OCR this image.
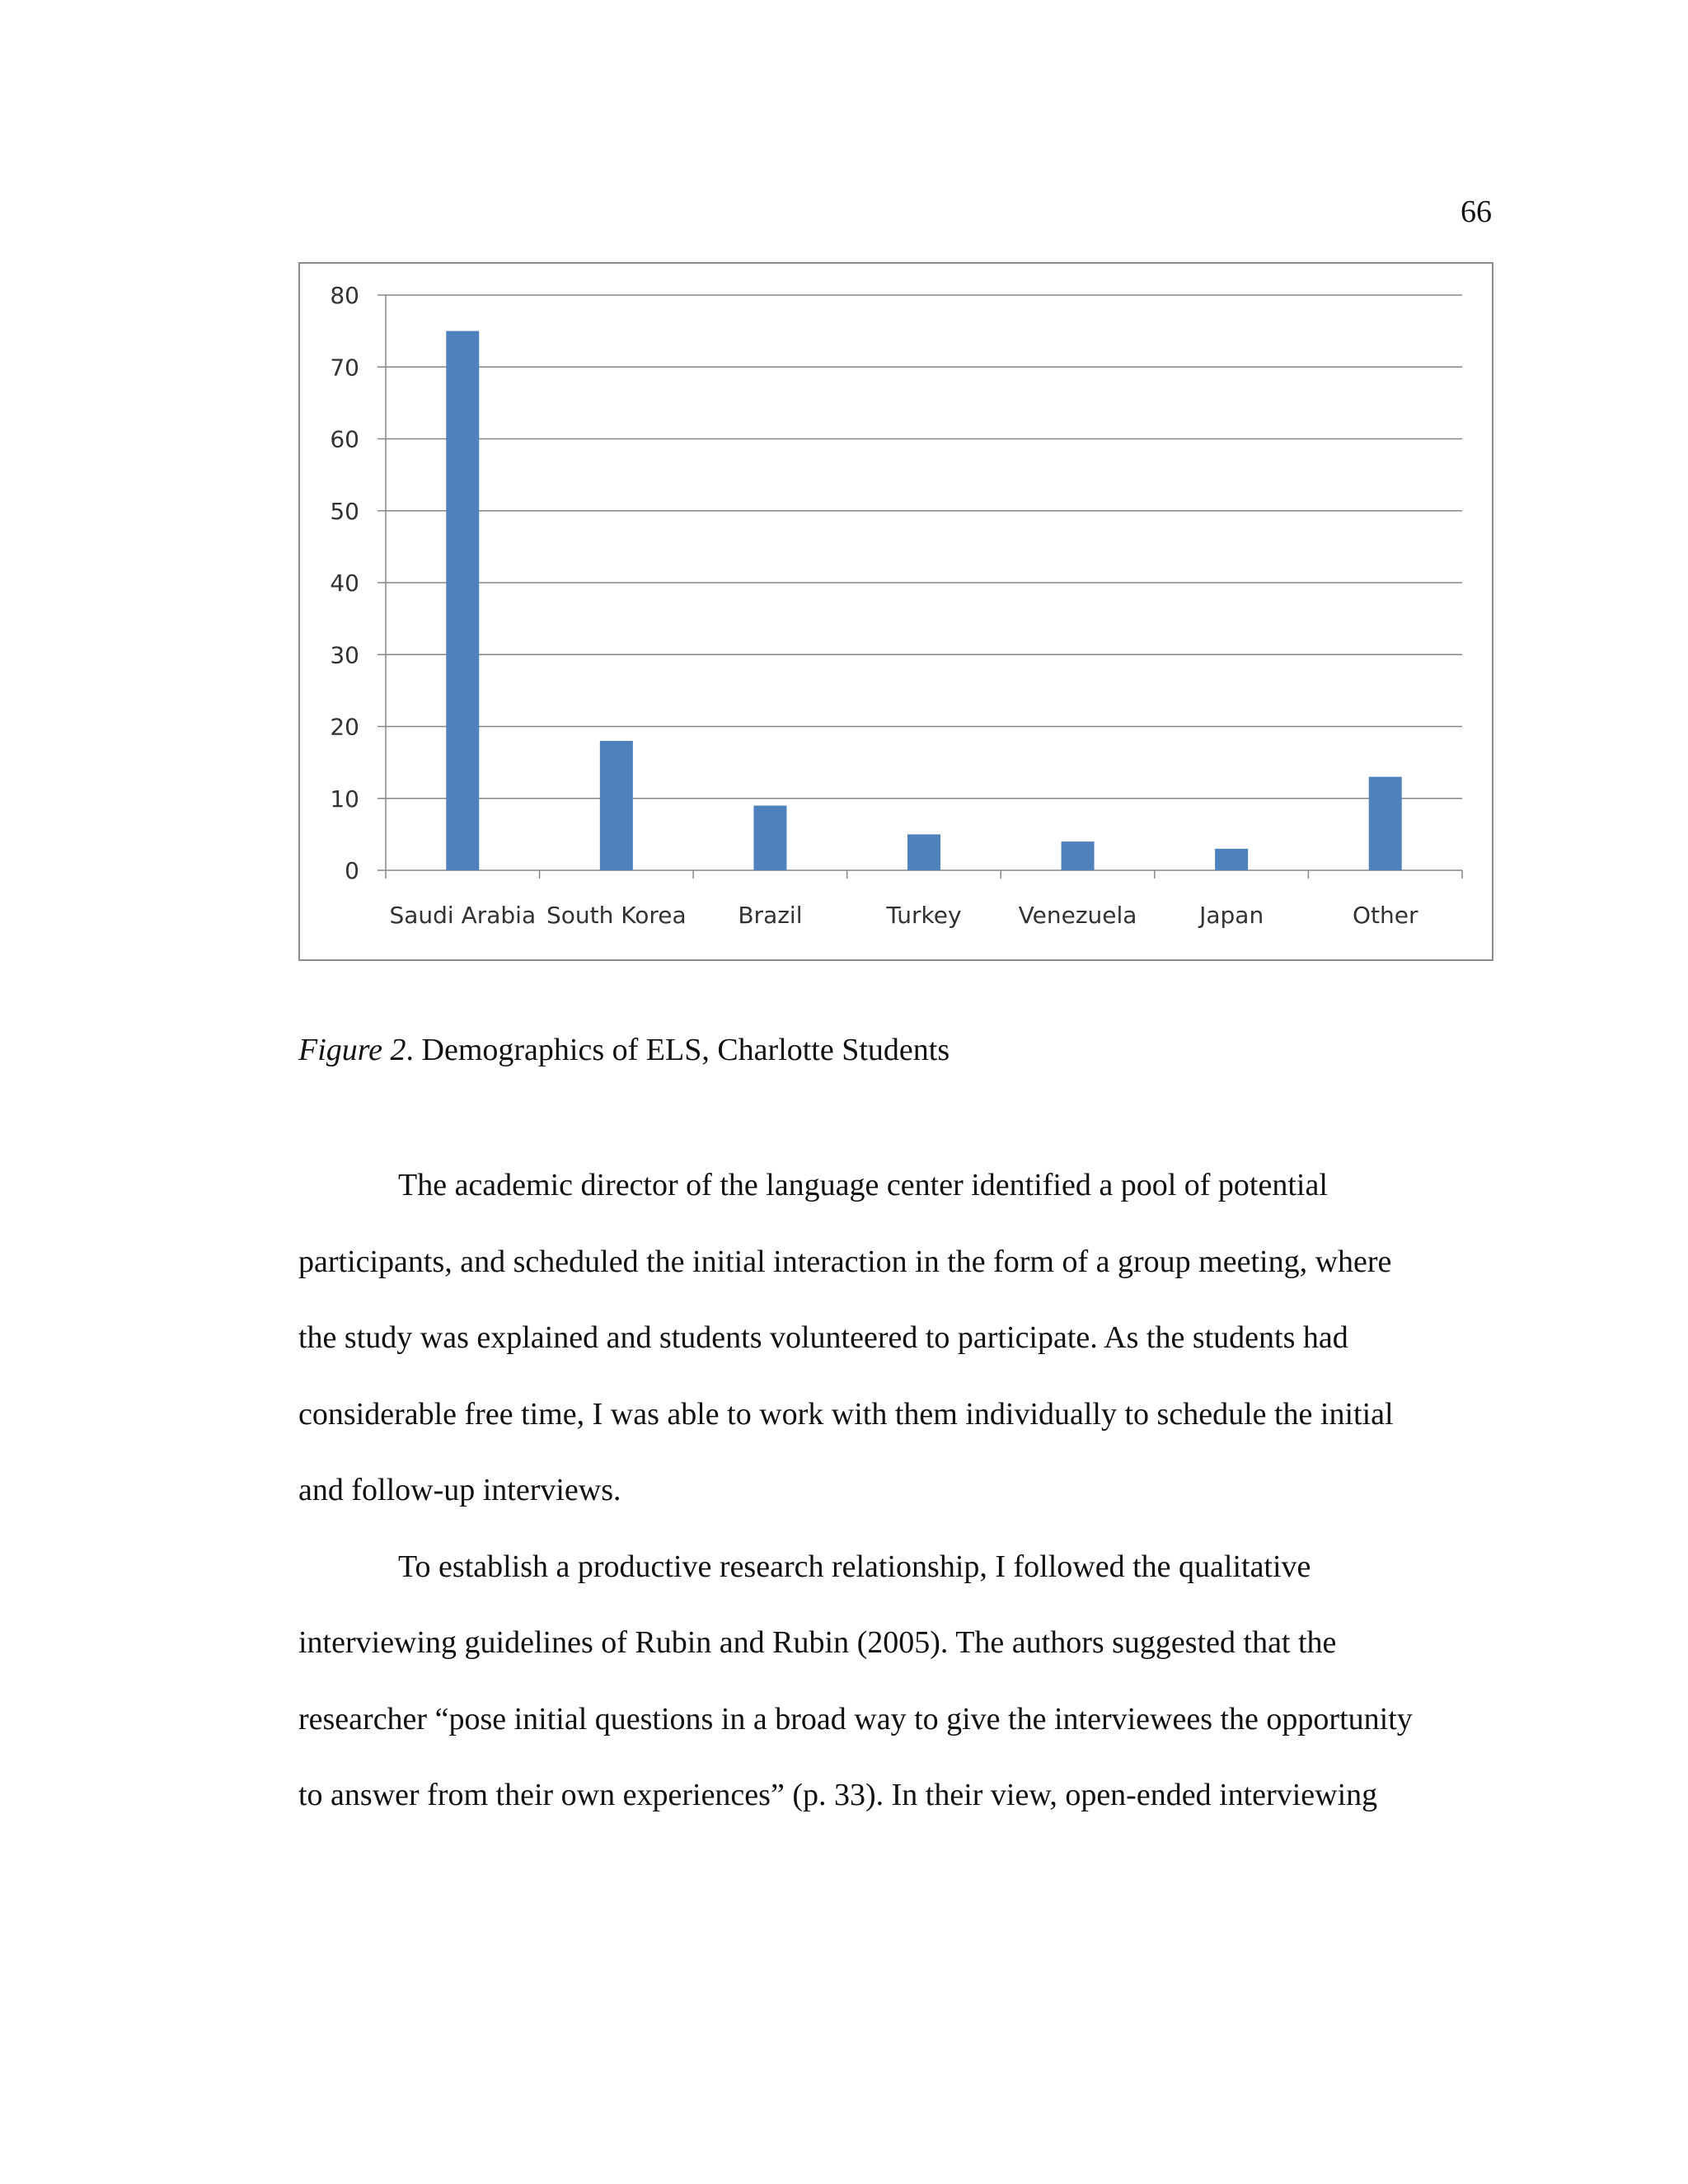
66
0
10
20
30
40
50
60
70
80
Saudi Arabia South Korea Brazil	Turkey Venezuela	Japan	Other
Figure 2. Demographics of ELS, Charlotte Students
The academic director of the language center identified a pool of potential
participants, and scheduled the initial interaction in the form of a group meeting, where
the study was explained and students volunteered to participate. As the students had
considerable free time, I was able to work with them individually to schedule the initial
and follow-up interviews.
To establish a productive research relationship, I followed the qualitative
interviewing guidelines of Rubin and Rubin (2005). The authors suggested that the
researcher “pose initial questions in a broad way to give the interviewees the opportunity
to answer from their own experiences” (p. 33). In their view, open-ended interviewing
